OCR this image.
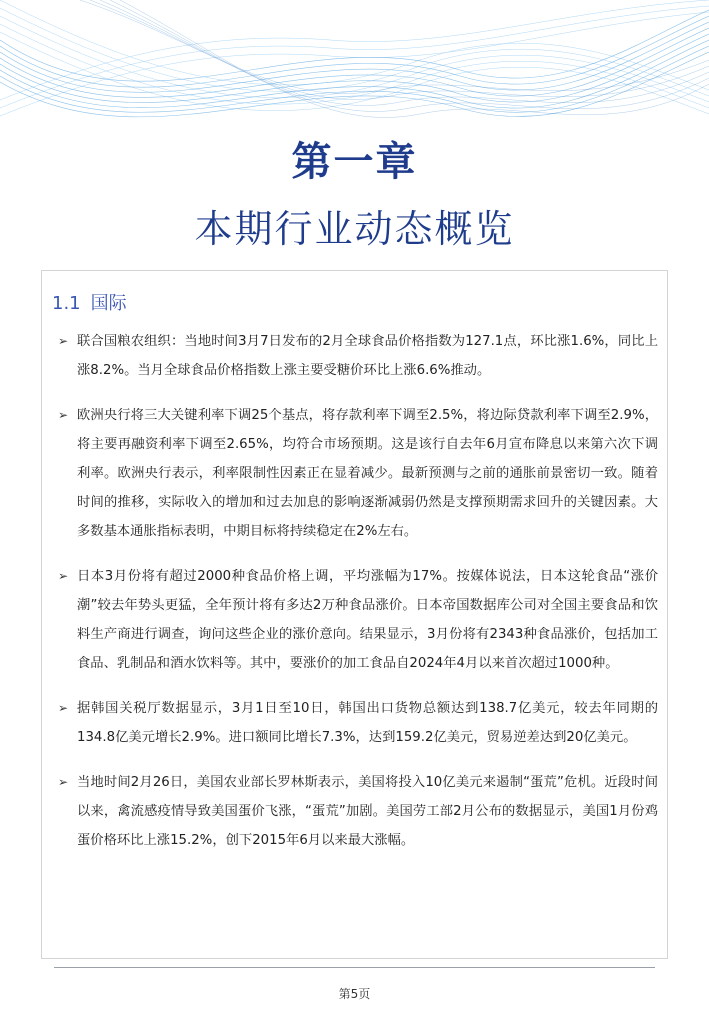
第一章
本期行业动态概览
1.1 国际
➢ 联合国粮农组织：当地时间3月7日发布的2月全球食品价格指数为127.1点，环比涨1.6%，同比上涨8.2%。当月全球食品价格指数上涨主要受糖价环比上涨6.6%推动。
➢ 欧洲央行将三大关键利率下调25个基点，将存款利率下调至2.5%，将边际贷款利率下调至2.9%，将主要再融资利率下调至2.65%，均符合市场预期。这是该行自去年6月宣布降息以来第六次下调利率。欧洲央行表示，利率限制性因素正在显着减少。最新预测与之前的通胀前景密切一致。随着时间的推移，实际收入的增加和过去加息的影响逐渐减弱仍然是支撑预期需求回升的关键因素。大多数基本通胀指标表明，中期目标将持续稳定在2%左右。
➢ 日本3月份将有超过2000种食品价格上调，平均涨幅为17%。按媒体说法，日本这轮食品“涨价潮”较去年势头更猛，全年预计将有多达2万种食品涨价。日本帝国数据库公司对全国主要食品和饮料生产商进行调查，询问这些企业的涨价意向。结果显示，3月份将有2343种食品涨价，包括加工食品、乳制品和酒水饮料等。其中，要涨价的加工食品自2024年4月以来首次超过1000种。
➢ 据韩国关税厅数据显示，3月1日至10日，韩国出口货物总额达到138.7亿美元，较去年同期的134.8亿美元增长2.9%。进口额同比增长7.3%，达到159.2亿美元，贸易逆差达到20亿美元。
➢ 当地时间2月26日，美国农业部长罗林斯表示，美国将投入10亿美元来遏制“蛋荒”危机。近段时间以来，禽流感疫情导致美国蛋价飞涨，“蛋荒”加剧。美国劳工部2月公布的数据显示，美国1月份鸡蛋价格环比上涨15.2%，创下2015年6月以来最大涨幅。
第5页
